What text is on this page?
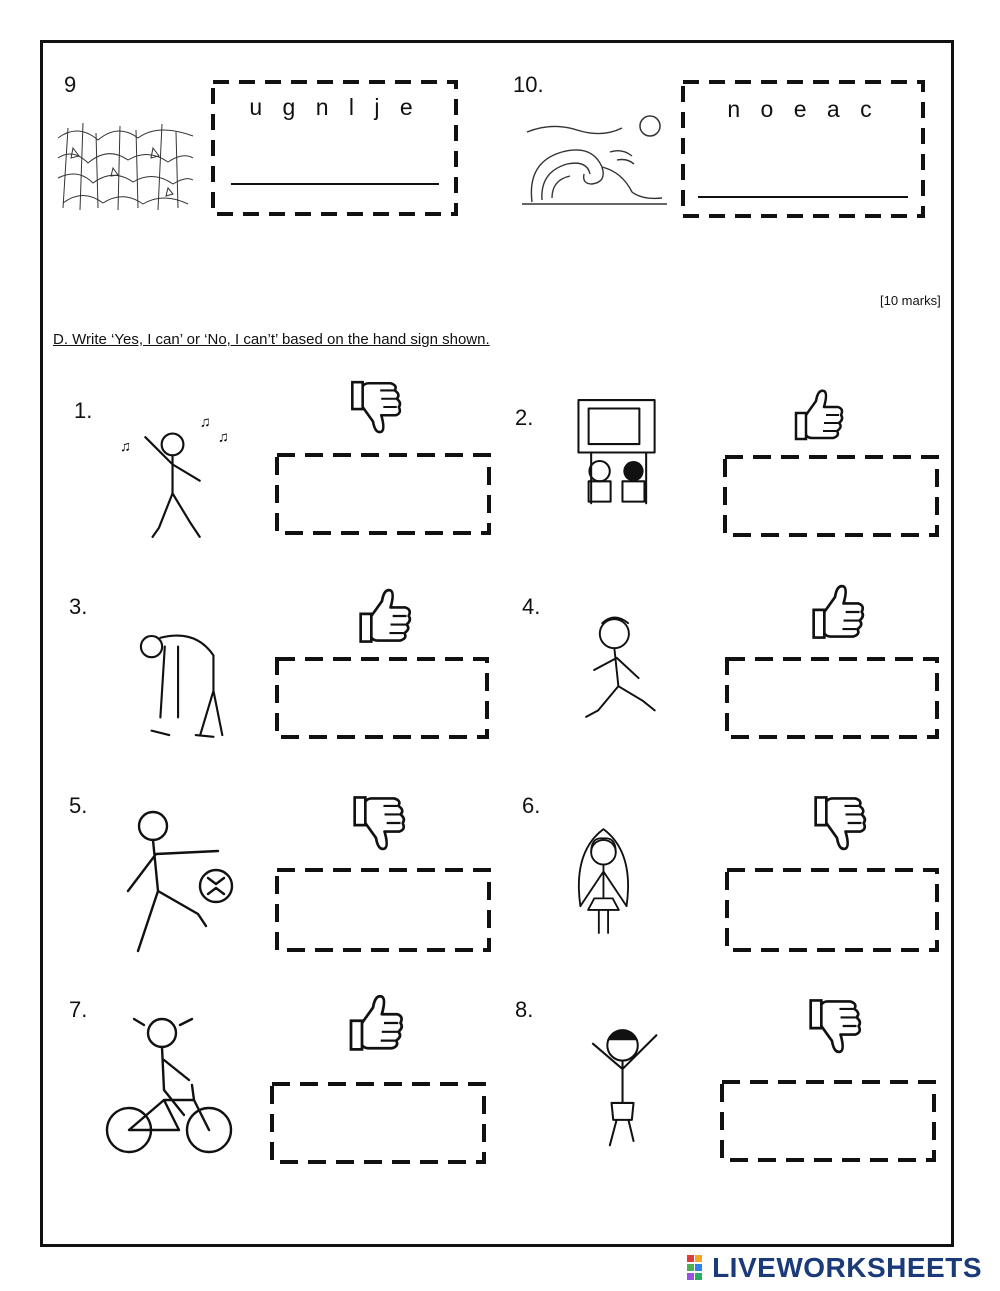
9
u g n l j e
10.
n o e a c
[10 marks]
D. Write ‘Yes, I can’ or ‘No, I can’t’ based on the hand sign shown.
1.	♫
♫
♫
2.
3.	4.
5.	6.
7.	8.
LIVEWORKSHEETS
